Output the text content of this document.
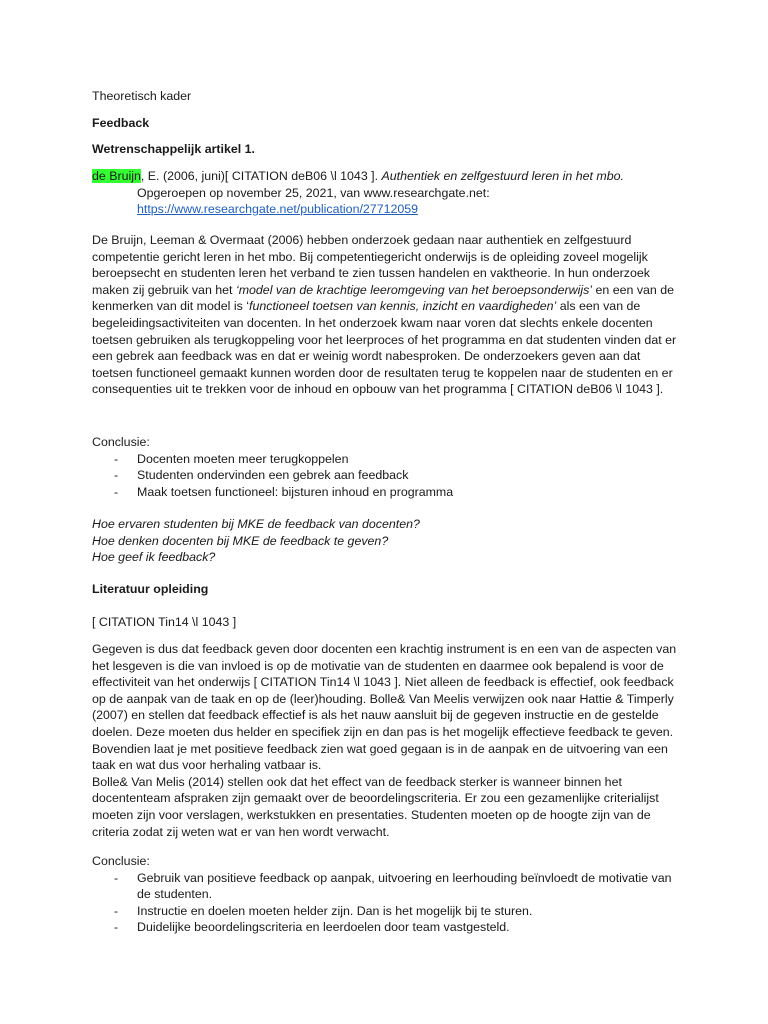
Theoretisch kader

Feedback

Wetrenschappelijk artikel 1.

de Bruijn, E. (2006, juni)[ CITATION deB06 \l 1043 ]. Authentiek en zelfgestuurd leren in het mbo.

Opgeroepen op november 25, 2021, van www.researchgate.net:

https://www.researchgate.net/publication/27712059

De Bruijn, Leeman & Overmaat (2006) hebben onderzoek gedaan naar authentiek en zelfgestuurd competentie gericht leren in het mbo. Bij competentiegericht onderwijs is de opleiding zoveel mogelijk beroepsecht en studenten leren het verband te zien tussen handelen en vaktheorie. In hun onderzoek maken zij gebruik van het ‘model van de krachtige leeromgeving van het beroepsonderwijs’ en een van de kenmerken van dit model is ‘functioneel toetsen van kennis, inzicht en vaardigheden’ als een van de begeleidingsactiviteiten van docenten. In het onderzoek kwam naar voren dat slechts enkele docenten toetsen gebruiken als terugkoppeling voor het leerproces of het programma en dat studenten vinden dat er een gebrek aan feedback was en dat er weinig wordt nabesproken. De onderzoekers geven aan dat toetsen functioneel gemaakt kunnen worden door de resultaten terug te koppelen naar de studenten en er consequenties uit te trekken voor de inhoud en opbouw van het programma [ CITATION deB06 \l 1043 ].

Conclusie:

- Docenten moeten meer terugkoppelen
- Studenten ondervinden een gebrek aan feedback
- Maak toetsen functioneel: bijsturen inhoud en programma

Hoe ervaren studenten bij MKE de feedback van docenten?

Hoe denken docenten bij MKE de feedback te geven?

Hoe geef ik feedback?

Literatuur opleiding

[ CITATION Tin14 \l 1043 ]

Gegeven is dus dat feedback geven door docenten een krachtig instrument is en een van de aspecten van het lesgeven is die van invloed is op de motivatie van de studenten en daarmee ook bepalend is voor de effectiviteit van het onderwijs [ CITATION Tin14 \l 1043 ]. Niet alleen de feedback is effectief, ook feedback op de aanpak van de taak en op de (leer)houding. Bolle& Van Meelis verwijzen ook naar Hattie & Timperly (2007) en stellen dat feedback effectief is als het nauw aansluit bij de gegeven instructie en de gestelde doelen. Deze moeten dus helder en specifiek zijn en dan pas is het mogelijk effectieve feedback te geven. Bovendien laat je met positieve feedback zien wat goed gegaan is in de aanpak en de uitvoering van een taak en wat dus voor herhaling vatbaar is.

Bolle& Van Melis (2014) stellen ook dat het effect van de feedback sterker is wanneer binnen het docententeam afspraken zijn gemaakt over de beoordelingscriteria. Er zou een gezamenlijke criterialijst moeten zijn voor verslagen, werkstukken en presentaties. Studenten moeten op de hoogte zijn van de criteria zodat zij weten wat er van hen wordt verwacht.

Conclusie:

- Gebruik van positieve feedback op aanpak, uitvoering en leerhouding beïnvloedt de motivatie van de studenten.
- Instructie en doelen moeten helder zijn. Dan is het mogelijk bij te sturen.
- Duidelijke beoordelingscriteria en leerdoelen door team vastgesteld.
